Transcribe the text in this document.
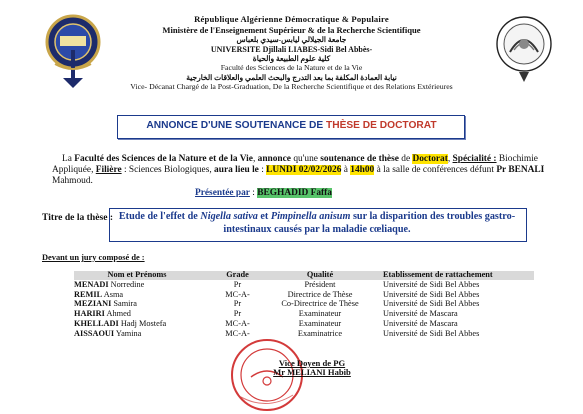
République Algérienne Démocratique & Populaire
Ministère de l'Enseignement Supérieur & de la Recherche Scientifique
جامعة الجيلالي ليابس-سيدي بلعباس
UNIVERSITE Djillali LIABES-Sidi Bel Abbès-
كلية علوم الطبيعة والحياة
Faculté des Sciences de la Nature et de la Vie
نيابة العمادة المكلفة بما بعد التدرج والبحث العلمي والعلاقات الخارجية
Vice- Décanat Chargé de la Post-Graduation, De la Recherche Scientifique et des Relations Extérieures
ANNONCE D'UNE SOUTENANCE DE THÈSE DE DOCTORAT

La Faculté des Sciences de la Nature et de la Vie, annonce qu'une soutenance de thèse de Doctorat, Spécialité : Biochimie Appliquée, Filière : Sciences Biologiques, aura lieu le : LUNDI 02/02/2026 à 14h00 à la salle de conférences défunt Pr BENALI Mahmoud.

Présentée par : BEGHADID Faffa
Titre de la thèse : Etude de l'effet de Nigella sativa et Pimpinella anisum sur la disparition des troubles gastro-intestinaux causés par la maladie cœliaque.
Devant un jury composé de :
Nom et Prénoms	Grade	Qualité	Etablissement de rattachement
MENADI Norredine	Pr	Président	Université de Sidi Bel Abbes
REMIL Asma	MC-A-	Directrice de Thèse	Université de Sidi Bel Abbes
MEZIANI Samira	Pr	Co-Directrice de Thèse	Université de Sidi Bel Abbes
HARIRI Ahmed	Pr	Examinateur	Université de Mascara
KHELLADI Hadj Mostefa	MC-A-	Examinateur	Université de Mascara
AISSAOUI Yamina	MC-A-	Examinatrice	Université de Sidi Bel Abbes
Vice Doyen de PG
Mr MELIANI Habib
